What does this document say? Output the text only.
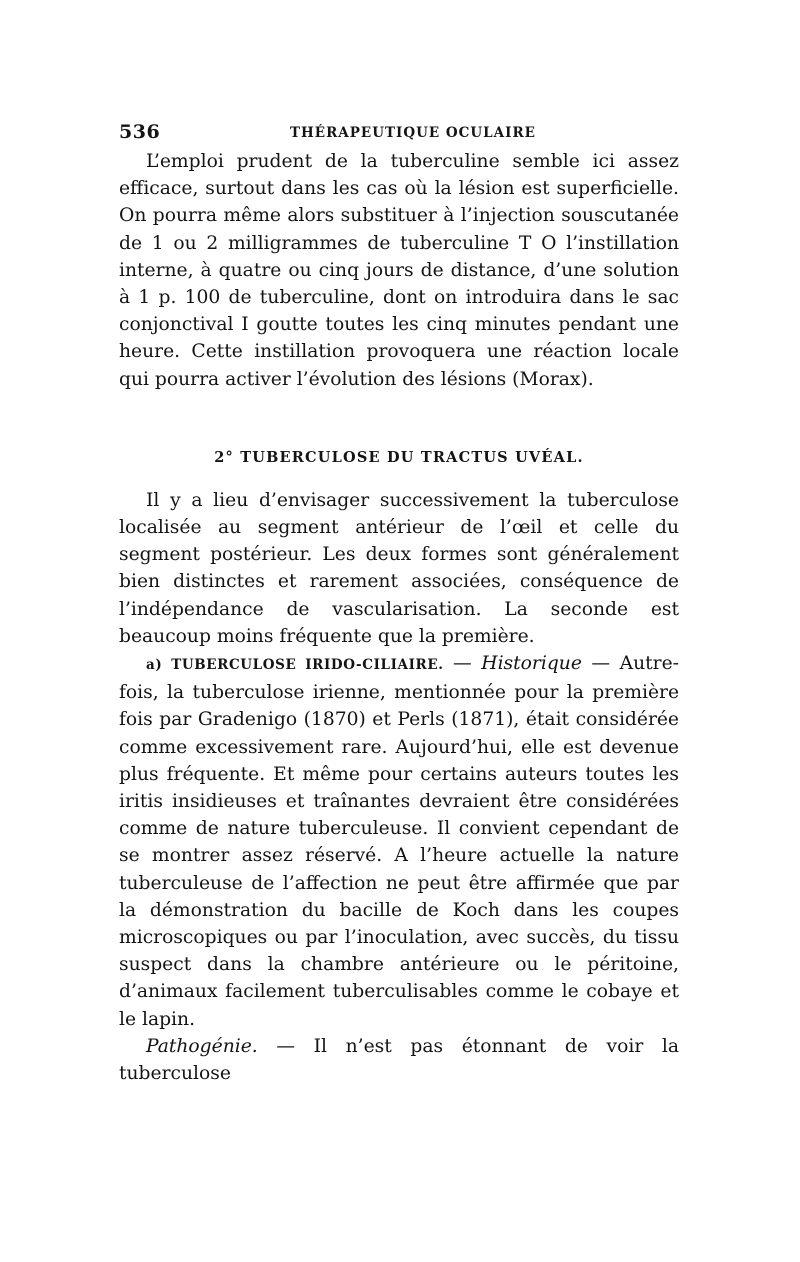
536	THÉRAPEUTIQUE OCULAIRE

L’emploi prudent de la tuberculine semble ici assez efficace, surtout dans les cas où la lésion est superficielle. On pourra même alors substituer à l’injection souscutanée de 1 ou 2 milligrammes de tuberculine T O l’instillation interne, à quatre ou cinq jours de distance, d’une solution à 1 p. 100 de tuberculine, dont on introduira dans le sac conjonctival I goutte toutes les cinq minutes pendant une heure. Cette instillation provoquera une réaction locale qui pourra activer l’évolution des lésions (Morax).

2° TUBERCULOSE DU TRACTUS UVÉAL.

Il y a lieu d’envisager successivement la tuberculose localisée au segment antérieur de l’œil et celle du segment postérieur. Les deux formes sont généralement bien distinctes et rarement associées, conséquence de l’indépendance de vascularisation. La seconde est beaucoup moins fréquente que la première.

a) TUBERCULOSE IRIDO-CILIAIRE. — Historique — Autrefois, la tuberculose irienne, mentionnée pour la première fois par Gradenigo (1870) et Perls (1871), était considérée comme excessivement rare. Aujourd’hui, elle est devenue plus fréquente. Et même pour certains auteurs toutes les iritis insidieuses et traînantes devraient être considérées comme de nature tuberculeuse. Il convient cependant de se montrer assez réservé. A l’heure actuelle la nature tuberculeuse de l’affection ne peut être affirmée que par la démonstration du bacille de Koch dans les coupes microscopiques ou par l’inoculation, avec succès, du tissu suspect dans la chambre antérieure ou le péritoine, d’animaux facilement tuberculisables comme le cobaye et le lapin.

Pathogénie. — Il n’est pas étonnant de voir la tuberculose
